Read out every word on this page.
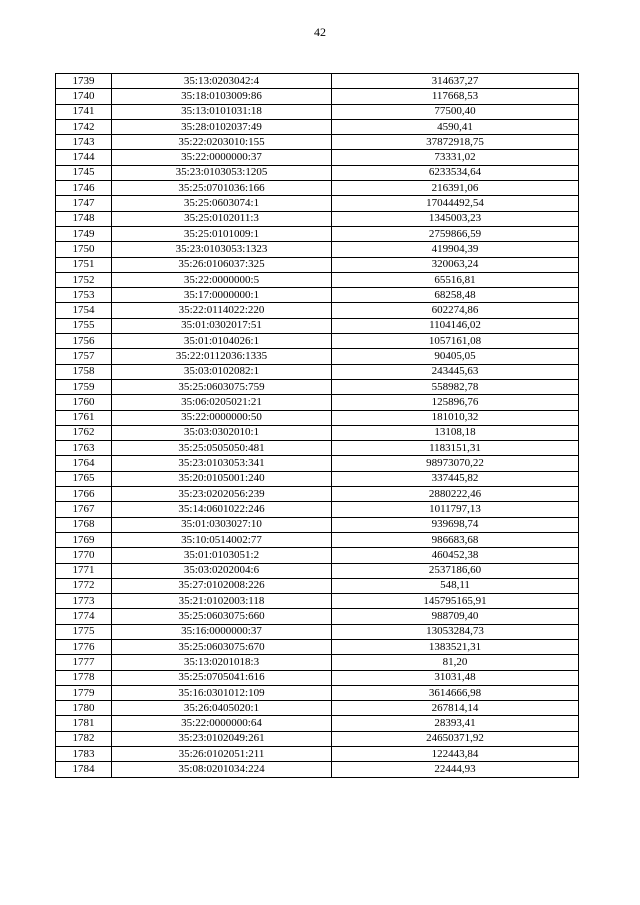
42
1739	35:13:0203042:4	314637,27
1740	35:18:0103009:86	117668,53
1741	35:13:0101031:18	77500,40
1742	35:28:0102037:49	4590,41
1743	35:22:0203010:155	37872918,75
1744	35:22:0000000:37	73331,02
1745	35:23:0103053:1205	6233534,64
1746	35:25:0701036:166	216391,06
1747	35:25:0603074:1	17044492,54
1748	35:25:0102011:3	1345003,23
1749	35:25:0101009:1	2759866,59
1750	35:23:0103053:1323	419904,39
1751	35:26:0106037:325	320063,24
1752	35:22:0000000:5	65516,81
1753	35:17:0000000:1	68258,48
1754	35:22:0114022:220	602274,86
1755	35:01:0302017:51	1104146,02
1756	35:01:0104026:1	1057161,08
1757	35:22:0112036:1335	90405,05
1758	35:03:0102082:1	243445,63
1759	35:25:0603075:759	558982,78
1760	35:06:0205021:21	125896,76
1761	35:22:0000000:50	181010,32
1762	35:03:0302010:1	13108,18
1763	35:25:0505050:481	1183151,31
1764	35:23:0103053:341	98973070,22
1765	35:20:0105001:240	337445,82
1766	35:23:0202056:239	2880222,46
1767	35:14:0601022:246	1011797,13
1768	35:01:0303027:10	939698,74
1769	35:10:0514002:77	986683,68
1770	35:01:0103051:2	460452,38
1771	35:03:0202004:6	2537186,60
1772	35:27:0102008:226	548,11
1773	35:21:0102003:118	145795165,91
1774	35:25:0603075:660	988709,40
1775	35:16:0000000:37	13053284,73
1776	35:25:0603075:670	1383521,31
1777	35:13:0201018:3	81,20
1778	35:25:0705041:616	31031,48
1779	35:16:0301012:109	3614666,98
1780	35:26:0405020:1	267814,14
1781	35:22:0000000:64	28393,41
1782	35:23:0102049:261	24650371,92
1783	35:26:0102051:211	122443,84
1784	35:08:0201034:224	22444,93
